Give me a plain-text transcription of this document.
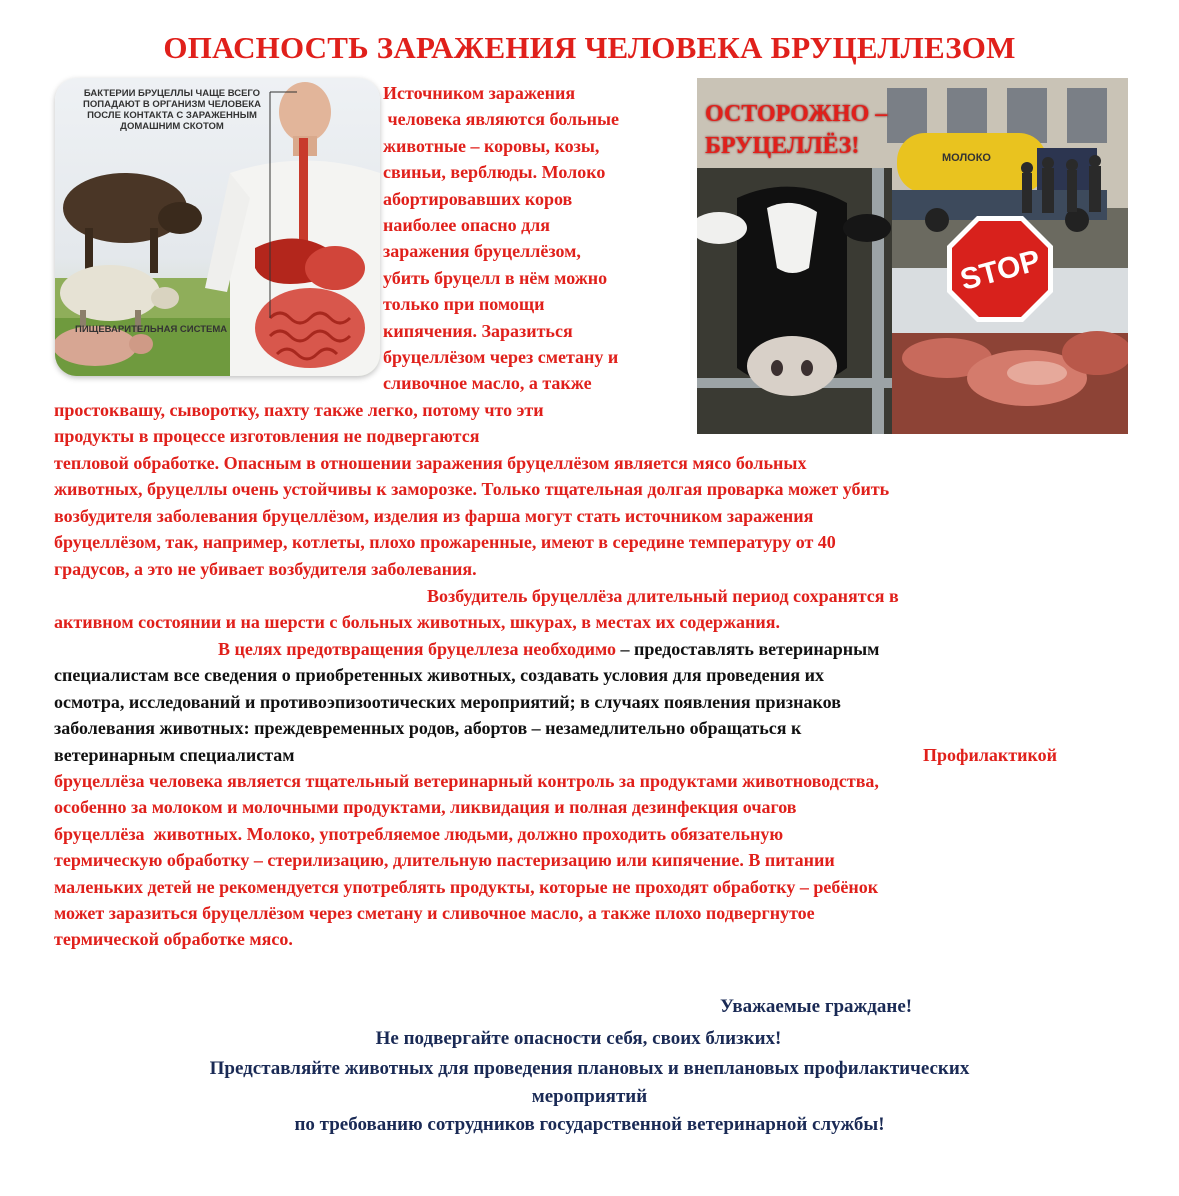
ОПАСНОСТЬ ЗАРАЖЕНИЯ ЧЕЛОВЕКА БРУЦЕЛЛЕЗОМ
БАКТЕРИИ БРУЦЕЛЛЫ ЧАЩЕ ВСЕГО ПОПАДАЮТ В ОРГАНИЗМ ЧЕЛОВЕКА ПОСЛЕ КОНТАКТА С ЗАРАЖЕННЫМ ДОМАШНИМ СКОТОМ
ПИЩЕВАРИТЕЛЬНАЯ СИСТЕМА
STOP
МОЛОКО
ОСТОРОЖНО –
БРУЦЕЛЛЁЗ!
Источником заражения
человека являются больные
животные – коровы, козы,
свиньи, верблюды. Молоко
абортировавших коров
наиболее опасно для
заражения бруцеллёзом,
убить бруцелл в нём можно
только при помощи
кипячения. Заразиться
бруцеллёзом через сметану и
сливочное масло, а также
простоквашу, сыворотку, пахту также легко, потому что эти
продукты в процессе изготовления не подвергаются
тепловой обработке. Опасным в отношении заражения бруцеллёзом является мясо больных
животных, бруцеллы очень устойчивы к заморозке. Только тщательная долгая проварка может убить
возбудителя заболевания бруцеллёзом, изделия из фарша могут стать источником заражения
бруцеллёзом, так, например, котлеты, плохо прожаренные, имеют в середине температуру от 40
градусов, а это не убивает возбудителя заболевания.
Возбудитель бруцеллёза длительный период сохранятся в
активном состоянии и на шерсти с больных животных, шкурах, в местах их содержания.
В целях предотвращения бруцеллеза необходимо – предоставлять ветеринарным
специалистам все сведения о приобретенных животных, создавать условия для проведения их
осмотра, исследований и противоэпизоотических мероприятий; в случаях появления признаков
заболевания животных: преждевременных родов, абортов – незамедлительно обращаться к
ветеринарным специалистам	Профилактикой
бруцеллёза человека является тщательный ветеринарный контроль за продуктами животноводства,
особенно за молоком и молочными продуктами, ликвидация и полная дезинфекция очагов
бруцеллёза  животных. Молоко, употребляемое людьми, должно проходить обязательную
термическую обработку – стерилизацию, длительную пастеризацию или кипячение. В питании
маленьких детей не рекомендуется употреблять продукты, которые не проходят обработку – ребёнок
может заразиться бруцеллёзом через сметану и сливочное масло, а также плохо подвергнутое
термической обработке мясо.
Уважаемые граждане!
Не подвергайте опасности себя, своих близких!
Представляйте животных для проведения плановых и внеплановых профилактических
мероприятий
по требованию сотрудников государственной ветеринарной службы!
